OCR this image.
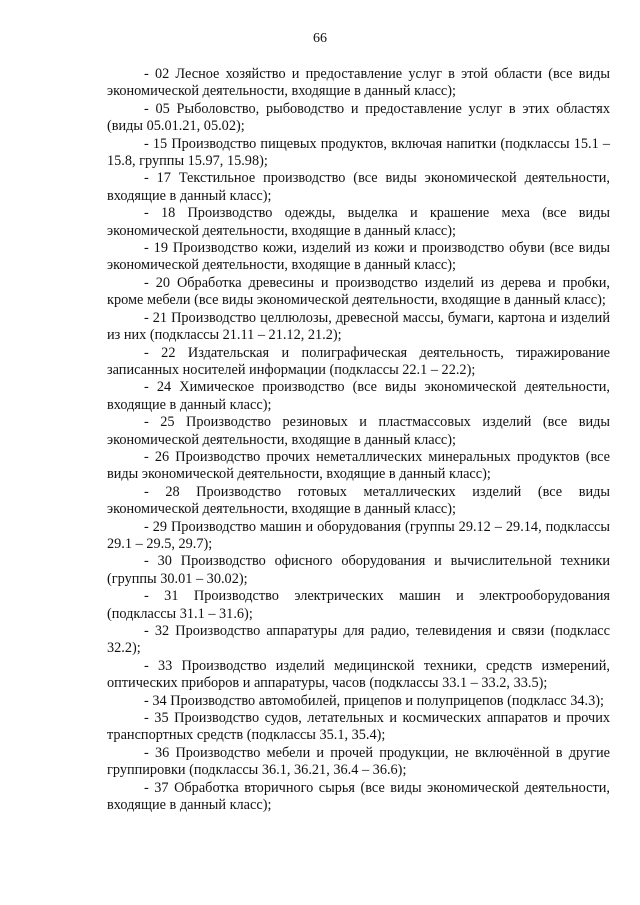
66

- 02 Лесное хозяйство и предоставление услуг в этой области (все виды экономической деятельности, входящие в данный класс);

- 05 Рыболовство, рыбоводство и предоставление услуг в этих областях (виды 05.01.21, 05.02);

- 15 Производство пищевых продуктов, включая напитки (подклассы 15.1 – 15.8, группы 15.97, 15.98);

- 17 Текстильное производство (все виды экономической деятельности, входящие в данный класс);

- 18 Производство одежды, выделка и крашение меха (все виды экономической деятельности, входящие в данный класс);

- 19 Производство кожи, изделий из кожи и производство обуви (все виды экономической деятельности, входящие в данный класс);

- 20 Обработка древесины и производство изделий из дерева и пробки, кроме мебели (все виды экономической деятельности, входящие в данный класс);

- 21 Производство целлюлозы, древесной массы, бумаги, картона и изделий из них (подклассы 21.11 – 21.12, 21.2);

- 22 Издательская и полиграфическая деятельность, тиражирование записанных носителей информации (подклассы 22.1 – 22.2);

- 24 Химическое производство (все виды экономической деятельности, входящие в данный класс);

- 25 Производство резиновых и пластмассовых изделий (все виды экономической деятельности, входящие в данный класс);

- 26 Производство прочих неметаллических минеральных продуктов (все виды экономической деятельности, входящие в данный класс);

- 28 Производство готовых металлических изделий (все виды экономической деятельности, входящие в данный класс);

- 29 Производство машин и оборудования (группы 29.12 – 29.14, подклассы 29.1 – 29.5, 29.7);

- 30 Производство офисного оборудования и вычислительной техники (группы 30.01 – 30.02);

- 31 Производство электрических машин и электрооборудования (подклассы 31.1 – 31.6);

- 32 Производство аппаратуры для радио, телевидения и связи (подкласс 32.2);

- 33 Производство изделий медицинской техники, средств измерений, оптических приборов и аппаратуры, часов (подклассы 33.1 – 33.2, 33.5);

- 34 Производство автомобилей, прицепов и полуприцепов (подкласс 34.3);

- 35 Производство судов, летательных и космических аппаратов и прочих транспортных средств (подклассы 35.1, 35.4);

- 36 Производство мебели и прочей продукции, не включённой в другие группировки (подклассы 36.1, 36.21, 36.4 – 36.6);

- 37 Обработка вторичного сырья (все виды экономической деятельности, входящие в данный класс);
